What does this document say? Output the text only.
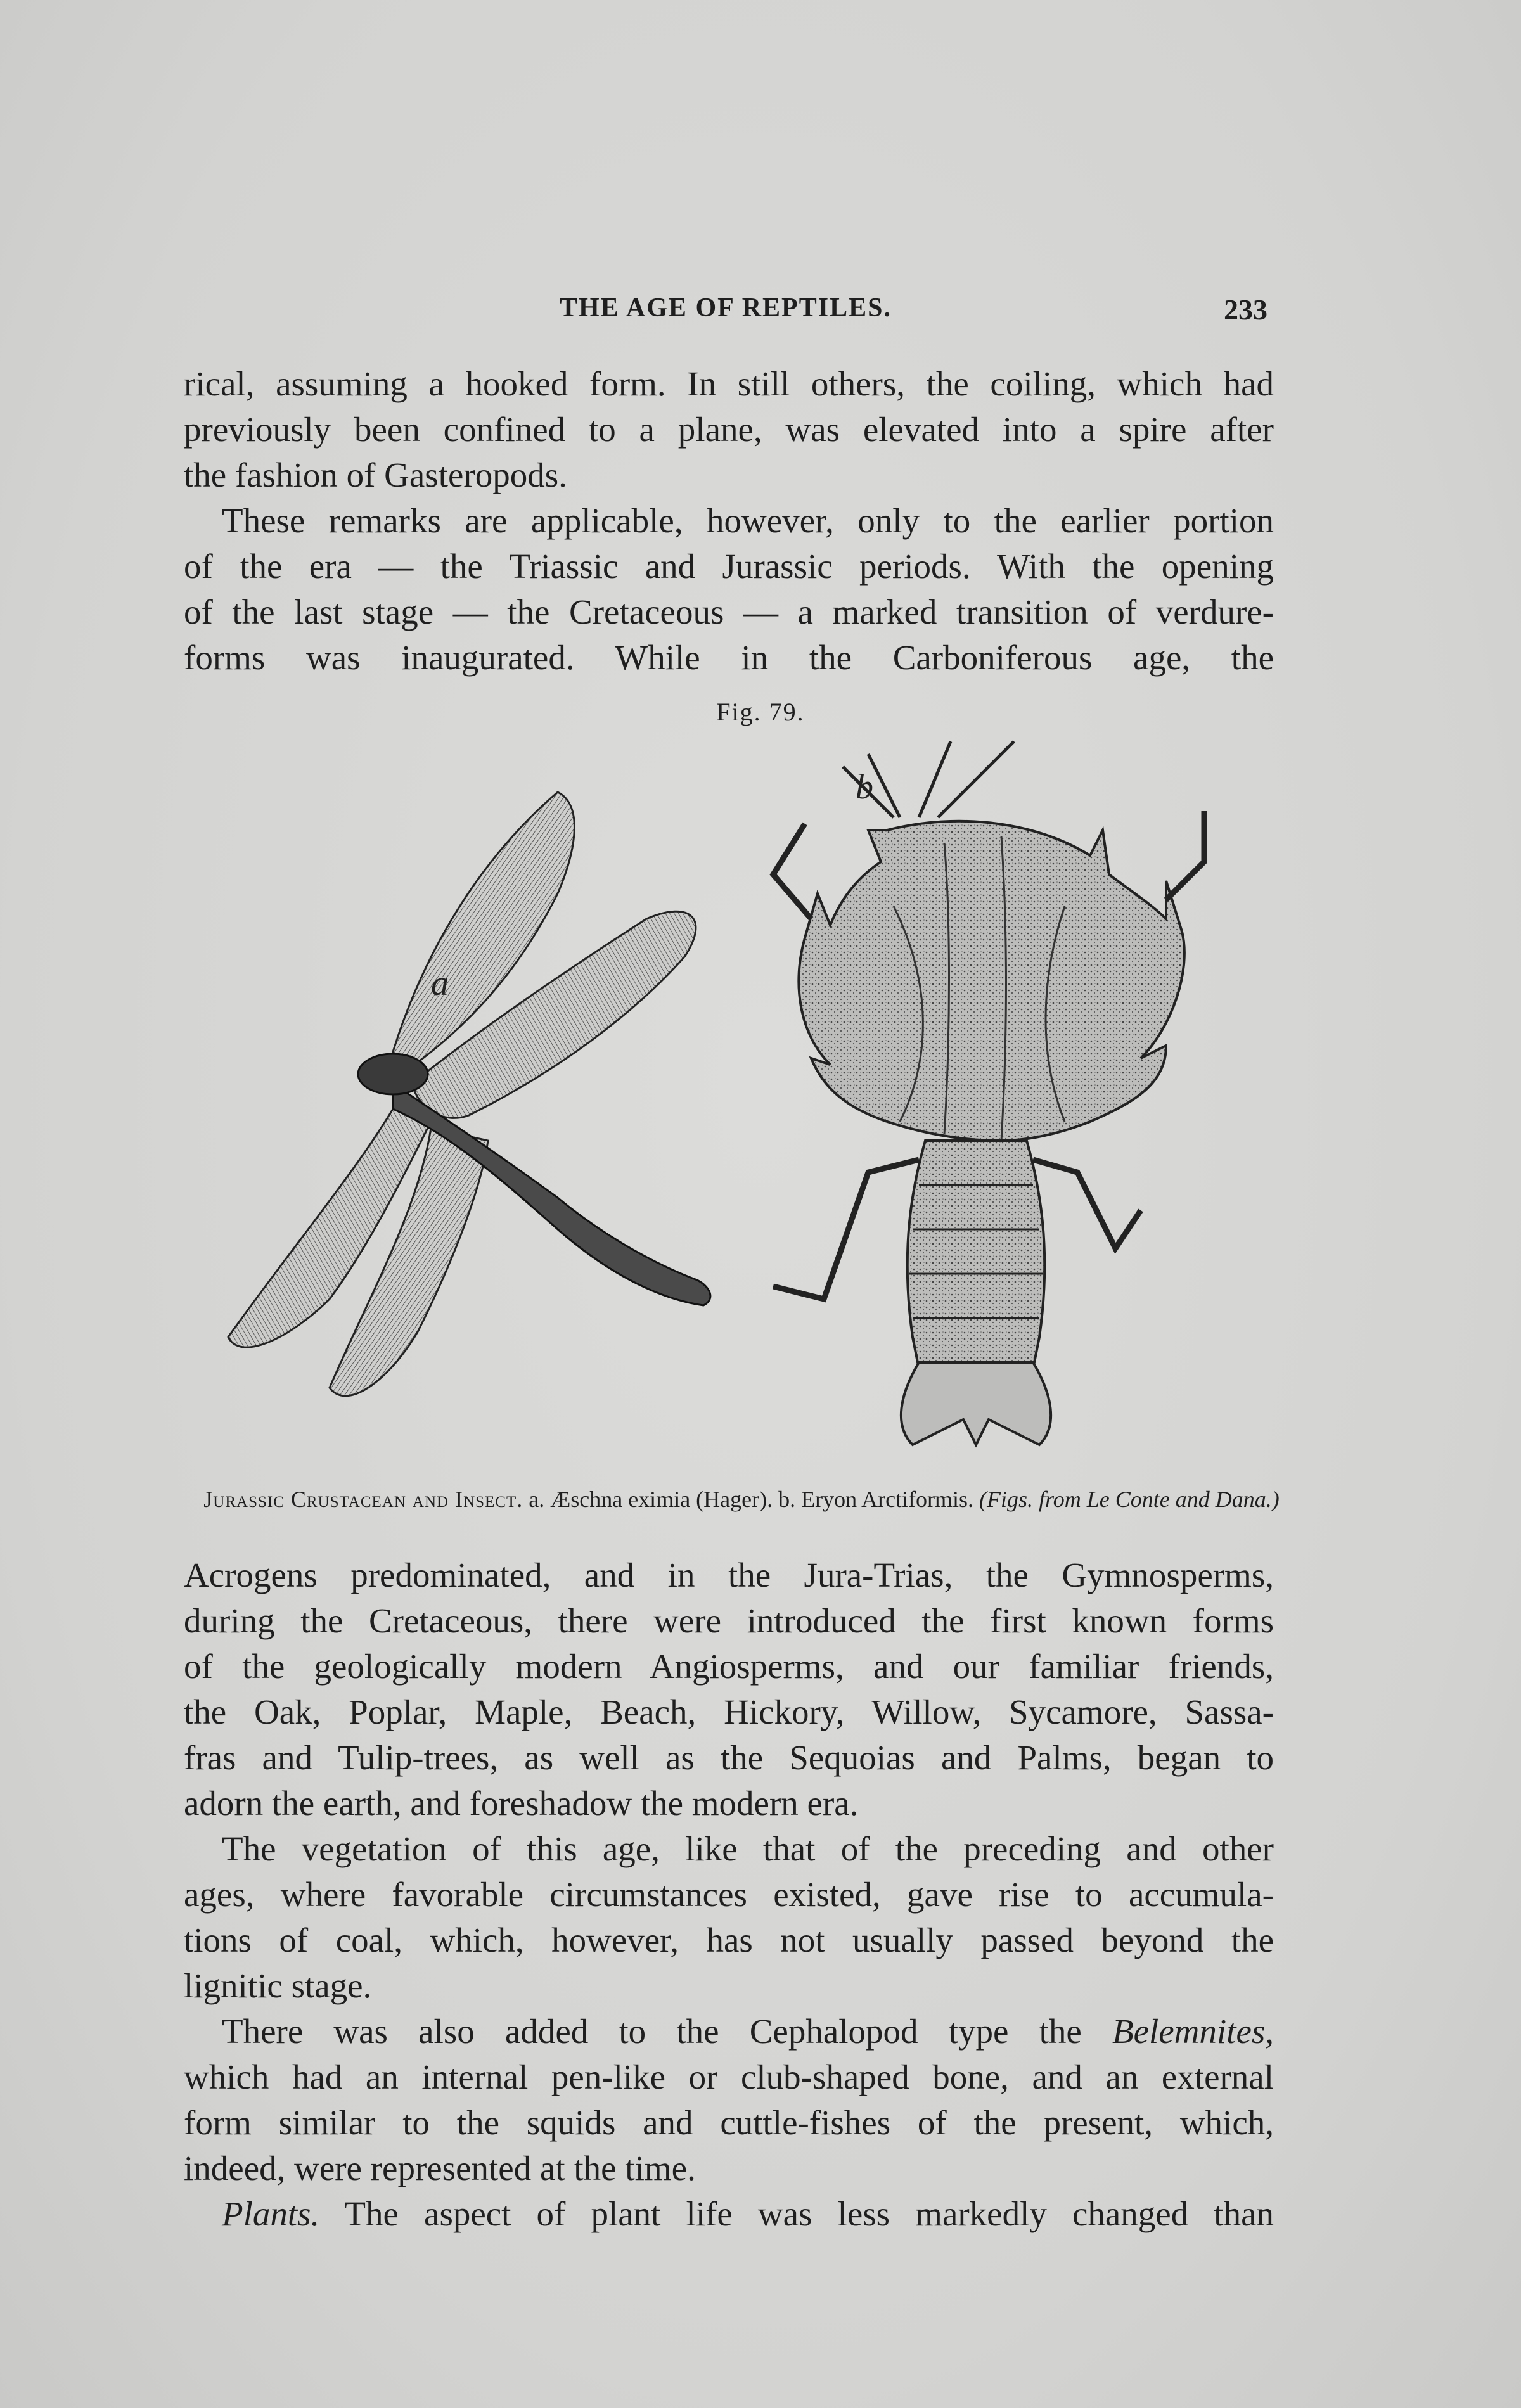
THE AGE OF REPTILES.	233
rical, assuming a hooked form. In still others, the coiling, which had
previously been confined to a plane, was elevated into a spire after
the fashion of Gasteropods.
These remarks are applicable, however, only to the earlier portion
of the era — the Triassic and Jurassic periods. With the opening
of the last stage — the Cretaceous — a marked transition of verdure-
forms was inaugurated. While in the Carboniferous age, the
Fig. 79.
a
b
Jurassic Crustacean and Insect. a. Æschna eximia (Hager). b. Eryon Arctiformis. (Figs. from Le Conte and Dana.)
Acrogens predominated, and in the Jura-Trias, the Gymnosperms,
during the Cretaceous, there were introduced the first known forms
of the geologically modern Angiosperms, and our familiar friends,
the Oak, Poplar, Maple, Beach, Hickory, Willow, Sycamore, Sassa-
fras and Tulip-trees, as well as the Sequoias and Palms, began to
adorn the earth, and foreshadow the modern era.
The vegetation of this age, like that of the preceding and other
ages, where favorable circumstances existed, gave rise to accumula-
tions of coal, which, however, has not usually passed beyond the
lignitic stage.
There was also added to the Cephalopod type the Belemnites,
which had an internal pen-like or club-shaped bone, and an external
form similar to the squids and cuttle-fishes of the present, which,
indeed, were represented at the time.
Plants. The aspect of plant life was less markedly changed than
